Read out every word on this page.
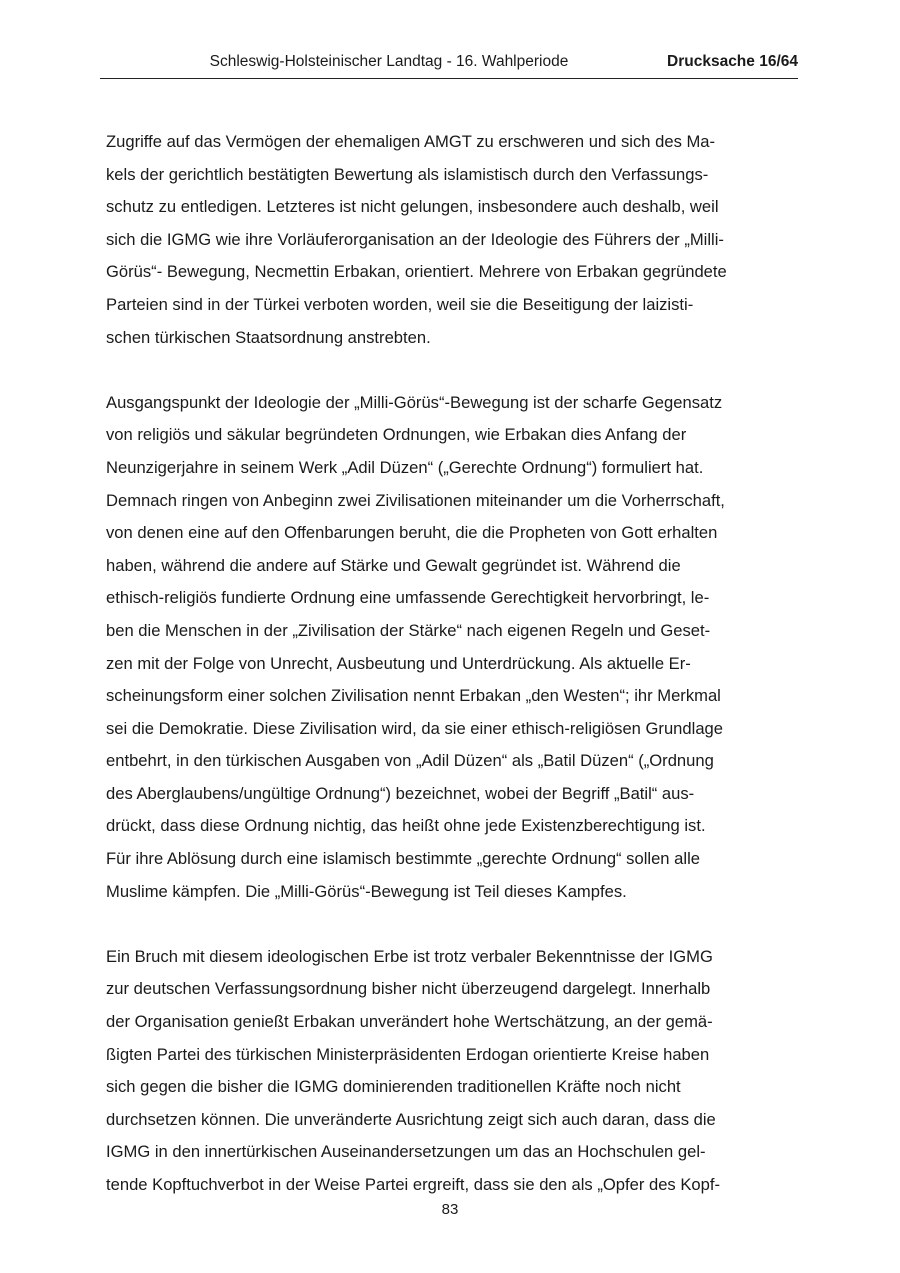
Schleswig-Holsteinischer Landtag - 16. Wahlperiode	Drucksache 16/64
Zugriffe auf das Vermögen der ehemaligen AMGT zu erschweren und sich des Ma-
kels der gerichtlich bestätigten Bewertung als islamistisch durch den Verfassungs-
schutz zu entledigen. Letzteres ist nicht gelungen, insbesondere auch deshalb, weil
sich die IGMG wie ihre Vorläuferorganisation an der Ideologie des Führers der „Milli-
Görüs“- Bewegung, Necmettin Erbakan, orientiert. Mehrere von Erbakan gegründete
Parteien sind in der Türkei verboten worden, weil sie die Beseitigung der laizisti-
schen türkischen Staatsordnung anstrebten.
Ausgangspunkt der Ideologie der „Milli-Görüs“-Bewegung ist der scharfe Gegensatz
von religiös und säkular begründeten Ordnungen, wie Erbakan dies Anfang der
Neunzigerjahre in seinem Werk „Adil Düzen“ („Gerechte Ordnung“) formuliert hat.
Demnach ringen von Anbeginn zwei Zivilisationen miteinander um die Vorherrschaft,
von denen eine auf den Offenbarungen beruht, die die Propheten von Gott erhalten
haben, während die andere auf Stärke und Gewalt gegründet ist. Während die
ethisch-religiös fundierte Ordnung eine umfassende Gerechtigkeit hervorbringt, le-
ben die Menschen in der „Zivilisation der Stärke“ nach eigenen Regeln und Geset-
zen mit der Folge von Unrecht, Ausbeutung und Unterdrückung. Als aktuelle Er-
scheinungsform einer solchen Zivilisation nennt Erbakan „den Westen“; ihr Merkmal
sei die Demokratie. Diese Zivilisation wird, da sie einer ethisch-religiösen Grundlage
entbehrt, in den türkischen Ausgaben von „Adil Düzen“ als „Batil Düzen“ („Ordnung
des Aberglaubens/ungültige Ordnung“) bezeichnet, wobei der Begriff „Batil“ aus-
drückt, dass diese Ordnung nichtig, das heißt ohne jede Existenzberechtigung ist.
Für ihre Ablösung durch eine islamisch bestimmte „gerechte Ordnung“ sollen alle
Muslime kämpfen. Die „Milli-Görüs“-Bewegung ist Teil dieses Kampfes.
Ein Bruch mit diesem ideologischen Erbe ist trotz verbaler Bekenntnisse der IGMG
zur deutschen Verfassungsordnung bisher nicht überzeugend dargelegt. Innerhalb
der Organisation genießt Erbakan unverändert hohe Wertschätzung, an der gemä-
ßigten Partei des türkischen Ministerpräsidenten Erdogan orientierte Kreise haben
sich gegen die bisher die IGMG dominierenden traditionellen Kräfte noch nicht
durchsetzen können. Die unveränderte Ausrichtung zeigt sich auch daran, dass die
IGMG in den innertürkischen Auseinandersetzungen um das an Hochschulen gel-
tende Kopftuchverbot in der Weise Partei ergreift, dass sie den als „Opfer des Kopf-
83
